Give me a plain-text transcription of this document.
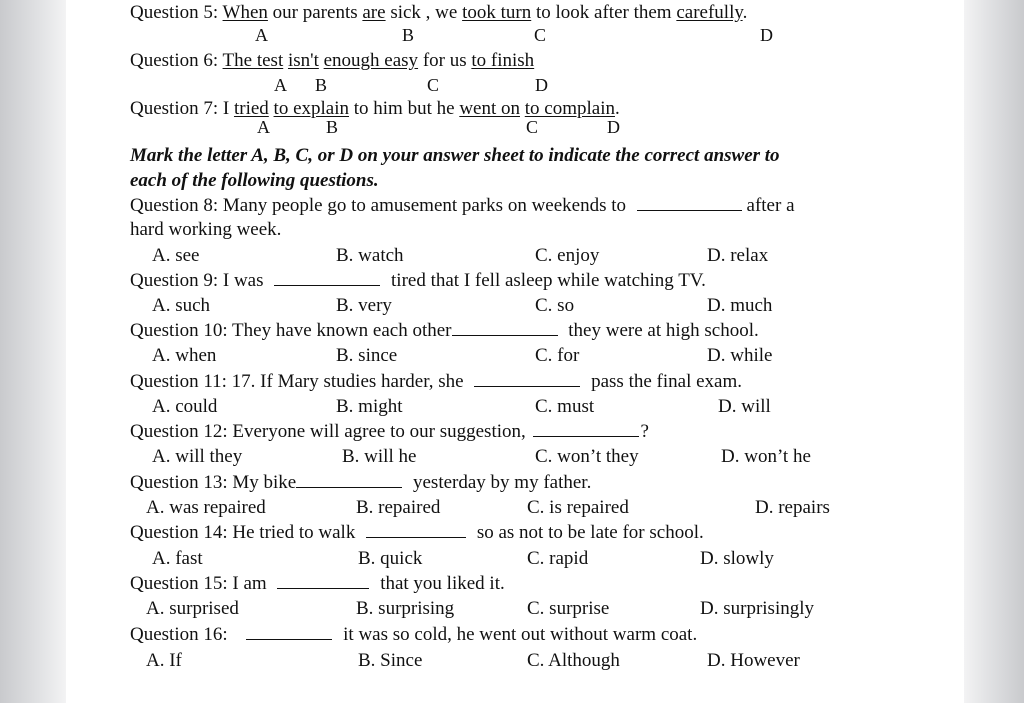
Question 5: When our parents are sick , we took turn to look after them carefully.
A	B	C	D
Question 6: The test isn't enough easy for us to finish
A B	C	D
Question 7: I tried to explain to him but he went on to complain.
A	B	C	D
Mark the letter A, B, C, or D on your answer sheet to indicate the correct answer to
each of the following questions.
Question 8: Many people go to amusement parks on weekends to	after a
hard working week.
A. see	B. watch	C. enjoy	D. relax
Question 9: I was	tired that I fell asleep while watching TV.
A. such	B. very	C. so	D. much
Question 10: They have known each other	they were at high school.
A. when	B. since	C. for	D. while
Question 11: 17. If Mary studies harder, she	pass the final exam.
A. could	B. might	C. must	D. will
Question 12: Everyone will agree to our suggestion,	?
A. will they	B. will he	C. won’t they	D. won’t he
Question 13: My bike	yesterday by my father.
A. was repaired	B. repaired	C. is repaired	D. repairs
Question 14: He tried to walk	so as not to be late for school.
A. fast	B. quick	C. rapid	D. slowly
Question 15: I am	that you liked it.
A. surprised	B. surprising	C. surprise	D. surprisingly
Question 16:	it was so cold, he went out without warm coat.
A. If	B. Since	C. Although	D. However
